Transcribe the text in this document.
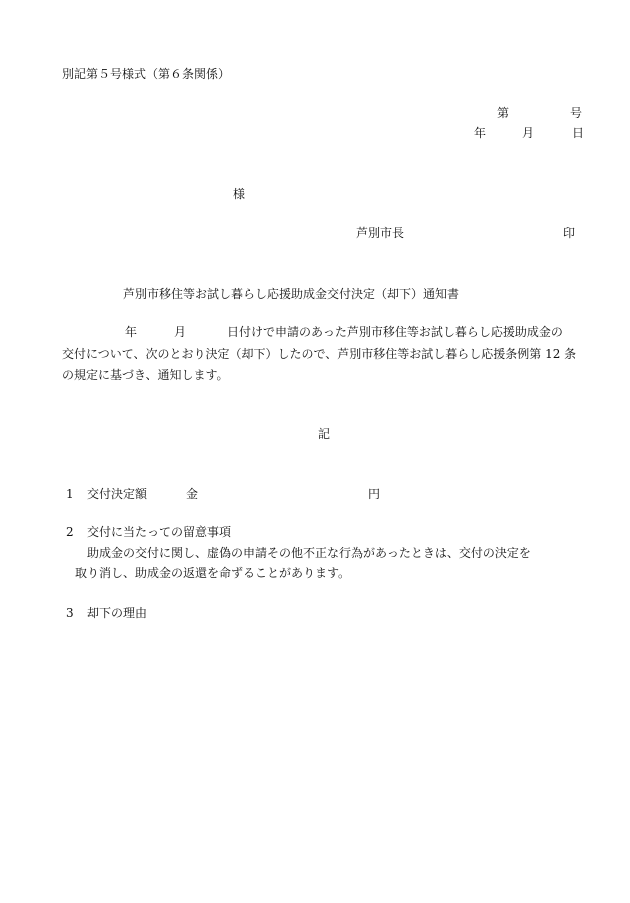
別記第５号様式（第６条関係）
第	号
年	月	日
様
芦別市長	印
芦別市移住等お試し暮らし応援助成金交付決定（却下）通知書
年	月	日付けで申請のあった芦別市移住等お試し暮らし応援助成金の
交付について、次のとおり決定（却下）したので、芦別市移住等お試し暮らし応援条例第 12 条
の規定に基づき、通知します。
記
1 交付決定額	金	円
2 交付に当たっての留意事項
助成金の交付に関し、虚偽の申請その他不正な行為があったときは、交付の決定を
取り消し、助成金の返還を命ずることがあります。
3 却下の理由
